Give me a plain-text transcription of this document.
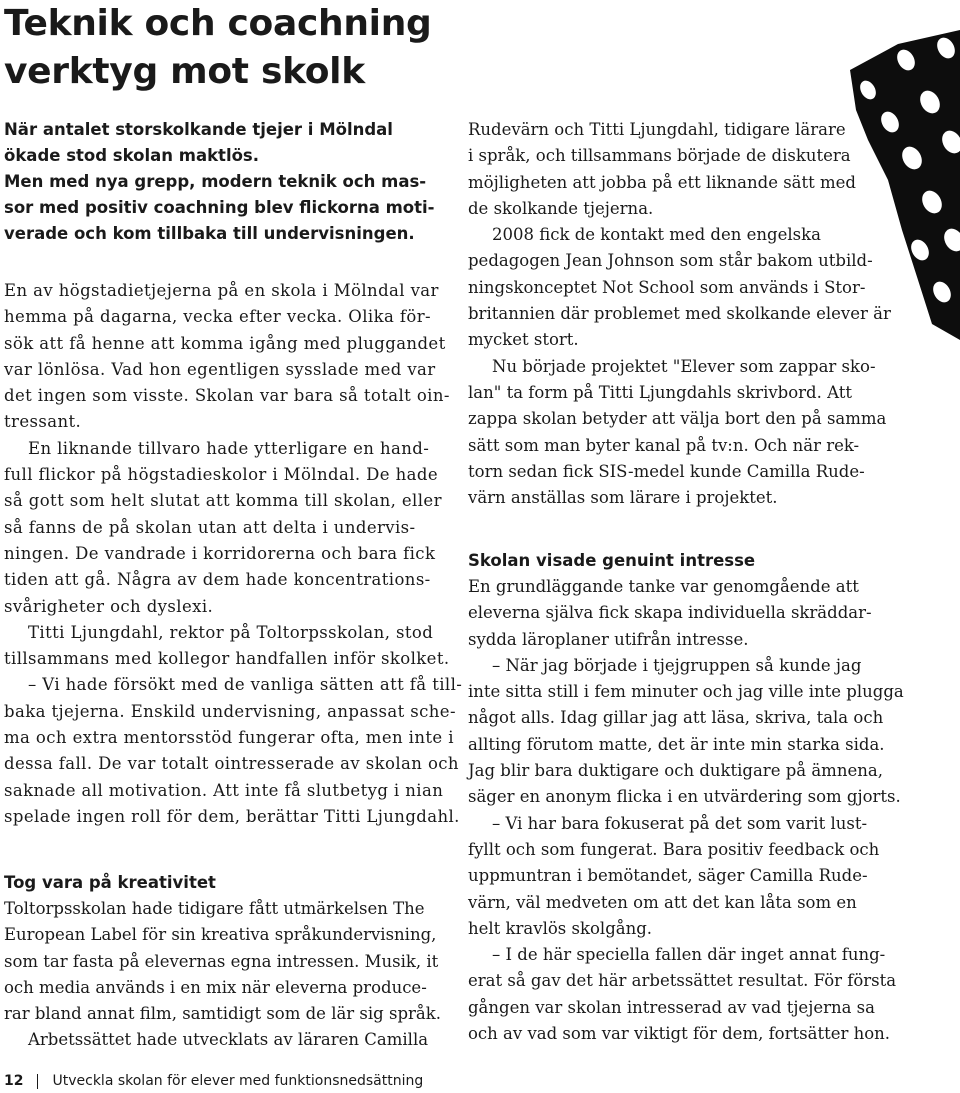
Teknik och coachning
verktyg mot skolk
När antalet storskolkande tjejer i Mölndal
ökade stod skolan maktlös.
Men med nya grepp, modern teknik och mas-
sor med positiv coachning blev flickorna moti-
verade och kom tillbaka till undervisningen.

En av högstadietjejerna på en skola i Mölndal var
hemma på dagarna, vecka efter vecka. Olika för-
sök att få henne att komma igång med pluggandet
var lönlösa. Vad hon egentligen sysslade med var
det ingen som visste. Skolan var bara så totalt oin-
tressant.

En liknande tillvaro hade ytterligare en hand-
full flickor på högstadieskolor i Mölndal. De hade
så gott som helt slutat att komma till skolan, eller
så fanns de på skolan utan att delta i undervis-
ningen. De vandrade i korridorerna och bara fick
tiden att gå. Några av dem hade koncentrations-
svårigheter och dyslexi.

Titti Ljungdahl, rektor på Toltorpsskolan, stod
tillsammans med kollegor handfallen inför skolket.

– Vi hade försökt med de vanliga sätten att få till-
baka tjejerna. Enskild undervisning, anpassat sche-
ma och extra mentorsstöd fungerar ofta, men inte i
dessa fall. De var totalt ointresserade av skolan och
saknade all motivation. Att inte få slutbetyg i nian
spelade ingen roll för dem, berättar Titti Ljungdahl.

Tog vara på kreativitet

Toltorpsskolan hade tidigare fått utmärkelsen The
European Label för sin kreativa språkundervisning,
som tar fasta på elevernas egna intressen. Musik, it
och media används i en mix när eleverna producе-
rar bland annat film, samtidigt som de lär sig språk.

Arbetssättet hade utvecklats av läraren Camilla

Rudevärn och Titti Ljungdahl, tidigare lärare
i språk, och tillsammans började de diskutera
möjligheten att jobba på ett liknande sätt med
de skolkande tjejerna.

2008 fick de kontakt med den engelska
pedagogen Jean Johnson som står bakom utbild-
ningskonceptet Not School som används i Stor-
britannien där problemet med skolkande elever är
mycket stort.

Nu började projektet "Elever som zappar sko-
lan" ta form på Titti Ljungdahls skrivbord. Att
zappa skolan betyder att välja bort den på samma
sätt som man byter kanal på tv:n. Och när rek-
torn sedan fick SIS-medel kunde Camilla Rude-
värn anställas som lärare i projektet.

Skolan visade genuint intresse

En grundläggande tanke var genomgående att
eleverna själva fick skapa individuella skräddar-
sydda läroplaner utifrån intresse.

– När jag började i tjejgruppen så kunde jag
inte sitta still i fem minuter och jag ville inte plugga
något alls. Idag gillar jag att läsa, skriva, tala och
allting förutom matte, det är inte min starka sida.
Jag blir bara duktigare och duktigare på ämnena,
säger en anonym flicka i en utvärdering som gjorts.

– Vi har bara fokuserat på det som varit lust-
fyllt och som fungerat. Bara positiv feedback och
uppmuntran i bemötandet, säger Camilla Rude-
värn, väl medveten om att det kan låta som en
helt kravlös skolgång.

– I de här speciella fallen där inget annat fung-
erat så gav det här arbetssättet resultat. För första
gången var skolan intresserad av vad tjejerna sa
och av vad som var viktigt för dem, fortsätter hon.

12 Utveckla skolan för elever med funktionsnedsättning
